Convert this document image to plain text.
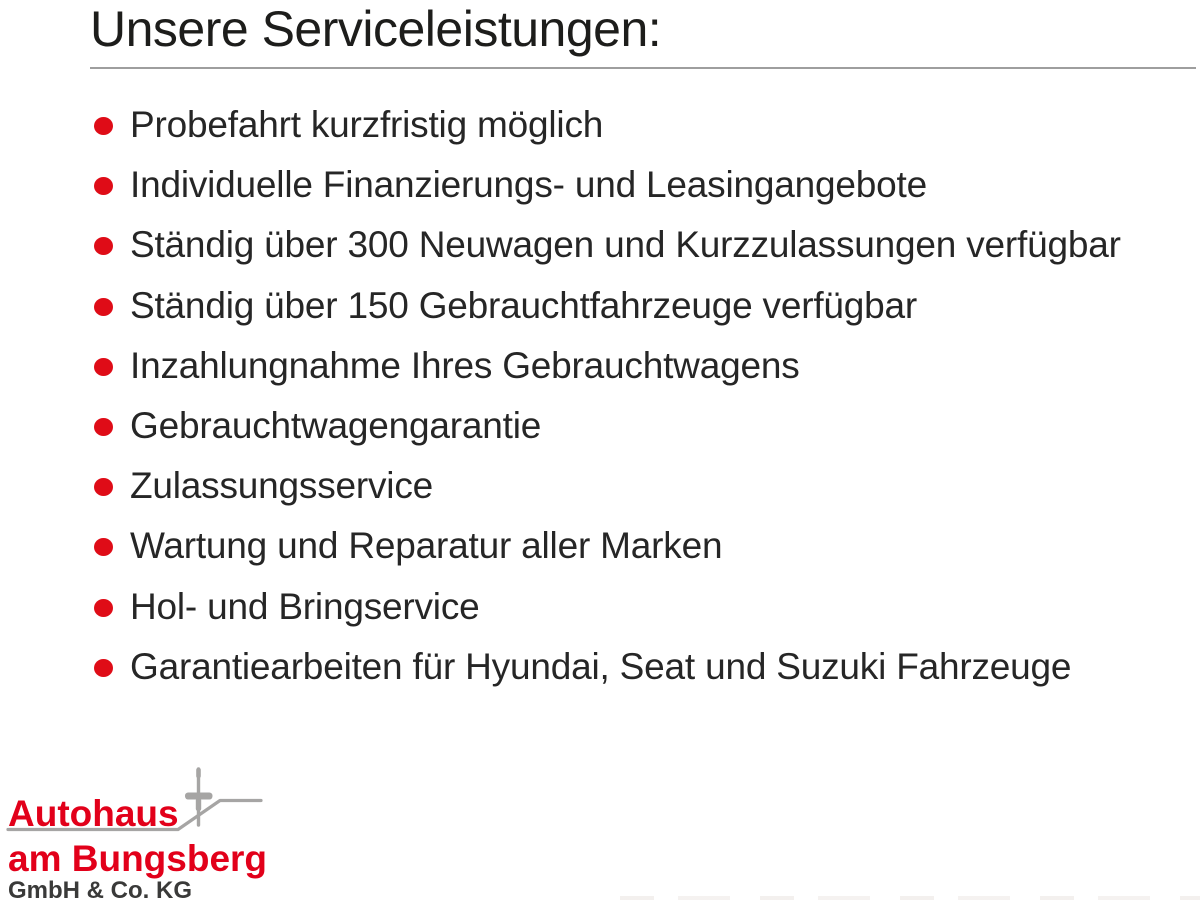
Unsere Serviceleistungen:
Probefahrt kurzfristig möglich
Individuelle Finanzierungs- und Leasingangebote
Ständig über 300 Neuwagen und Kurzzulassungen verfügbar
Ständig über 150 Gebrauchtfahrzeuge verfügbar
Inzahlungnahme Ihres Gebrauchtwagens
Gebrauchtwagengarantie
Zulassungsservice
Wartung und Reparatur aller Marken
Hol- und Bringservice
Garantiearbeiten für Hyundai, Seat und Suzuki Fahrzeuge
Autohaus
am Bungsberg
GmbH & Co. KG
